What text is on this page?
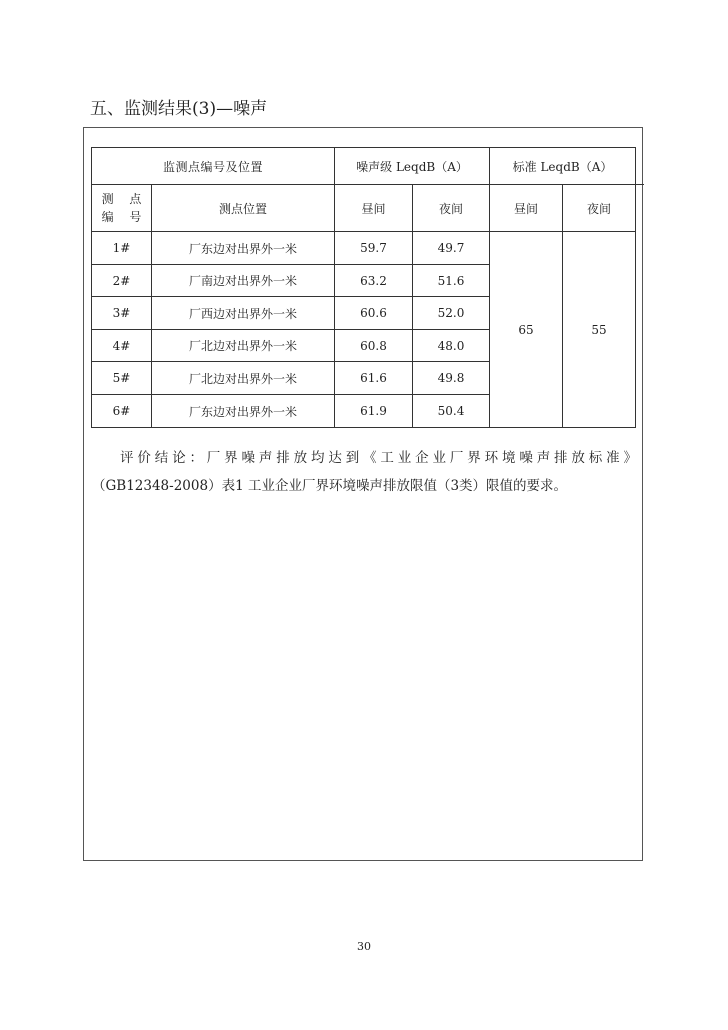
五、监测结果(3)—噪声
监测点编号及位置		噪声级 LeqdB（A）		标准 LeqdB（A）		

测 点
编 号	测点位置	昼间	夜间	昼间	夜间	
1#	厂东边对出界外一米	59.7	49.7	65	55	
2#	厂南边对出界外一米	63.2	51.6			
3#	厂西边对出界外一米	60.6	52.0			
4#	厂北边对出界外一米	60.8	48.0			
5#	厂北边对出界外一米	61.6	49.8			
6#	厂东边对出界外一米	61.9	50.4			
评价结论：厂界噪声排放均达到《工业企业厂界环境噪声排放标准》
（GB12348-2008）表1 工业企业厂界环境噪声排放限值（3类）限值的要求。
30
